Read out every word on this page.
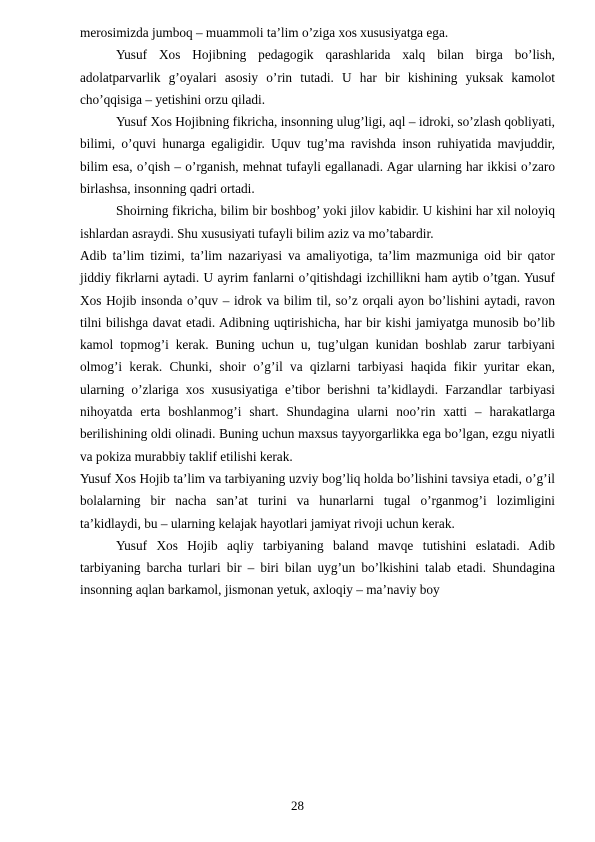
merosimizda jumboq – muammoli ta’lim o’ziga xos xususiyatga ega.

Yusuf Xos Hojibning pedagogik qarashlarida xalq bilan birga bo’lish, adolatparvarlik g’oyalari asosiy o’rin tutadi. U har bir kishining yuksak kamolot cho’qqisiga – yetishini orzu qiladi.

Yusuf Xos Hojibning fikricha, insonning ulug’ligi, aql – idroki, so’zlash qobliyati, bilimi, o’quvi hunarga egaligidir. Uquv tug’ma ravishda inson ruhiyatida mavjuddir, bilim esa, o’qish – o’rganish, mehnat tufayli egallanadi. Agar ularning har ikkisi o’zaro birlashsa, insonning qadri ortadi.

Shoirning fikricha, bilim bir boshbog’ yoki jilov kabidir. U kishini har xil noloyiq ishlardan asraydi. Shu xususiyati tufayli bilim aziz va mo’tabardir.

Adib ta’lim tizimi, ta’lim nazariyasi va amaliyotiga, ta’lim mazmuniga oid bir qator jiddiy fikrlarni aytadi. U ayrim fanlarni o’qitishdagi izchillikni ham aytib o’tgan. Yusuf Xos Hojib insonda o’quv – idrok va bilim til, so’z orqali ayon bo’lishini aytadi, ravon tilni bilishga davat etadi. Adibning uqtirishicha, har bir kishi jamiyatga munosib bo’lib kamol topmog’i kerak. Buning uchun u, tug’ulgan kunidan boshlab zarur tarbiyani olmog’i kerak. Chunki, shoir o’g’il va qizlarni tarbiyasi haqida fikir yuritar ekan, ularning o’zlariga xos xususiyatiga e’tibor berishni ta’kidlaydi. Farzandlar tarbiyasi nihoyatda erta boshlanmog’i shart. Shundagina ularni noo’rin xatti – harakatlarga berilishining oldi olinadi. Buning uchun maxsus tayyorgarlikka ega bo’lgan, ezgu niyatli va pokiza murabbiy taklif etilishi kerak.

Yusuf Xos Hojib ta’lim va tarbiyaning uzviy bog’liq holda bo’lishini tavsiya etadi, o’g’il bolalarning bir nacha san’at turini va hunarlarni tugal o’rganmog’i lozimligini ta’kidlaydi, bu – ularning kelajak hayotlari jamiyat rivoji uchun kerak.

Yusuf Xos Hojib aqliy tarbiyaning baland mavqe tutishini eslatadi. Adib tarbiyaning barcha turlari bir – biri bilan uyg’un bo’lkishini talab etadi. Shundagina insonning aqlan barkamol, jismonan yetuk, axloqiy – ma’naviy boy

28
